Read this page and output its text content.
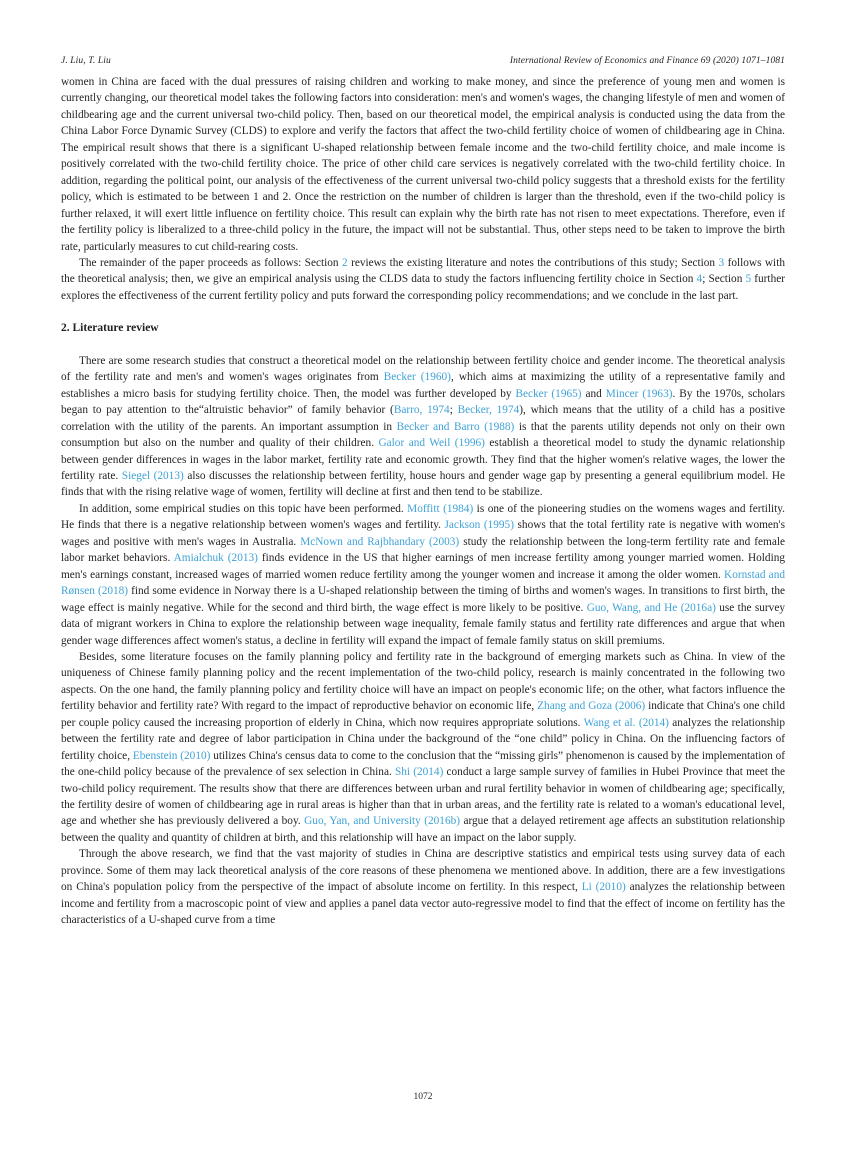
J. Liu, T. Liu	International Review of Economics and Finance 69 (2020) 1071–1081

women in China are faced with the dual pressures of raising children and working to make money, and since the preference of young men and women is currently changing, our theoretical model takes the following factors into consideration: men's and women's wages, the changing lifestyle of men and women of childbearing age and the current universal two-child policy. Then, based on our theoretical model, the empirical analysis is conducted using the data from the China Labor Force Dynamic Survey (CLDS) to explore and verify the factors that affect the two-child fertility choice of women of childbearing age in China. The empirical result shows that there is a significant U-shaped relationship between female income and the two-child fertility choice, and male income is positively correlated with the two-child fertility choice. The price of other child care services is negatively correlated with the two-child fertility choice. In addition, regarding the political point, our analysis of the effectiveness of the current universal two-child policy suggests that a threshold exists for the fertility policy, which is estimated to be between 1 and 2. Once the restriction on the number of children is larger than the threshold, even if the two-child policy is further relaxed, it will exert little influence on fertility choice. This result can explain why the birth rate has not risen to meet expectations. Therefore, even if the fertility policy is liberalized to a three-child policy in the future, the impact will not be substantial. Thus, other steps need to be taken to improve the birth rate, particularly measures to cut child-rearing costs.

The remainder of the paper proceeds as follows: Section 2 reviews the existing literature and notes the contributions of this study; Section 3 follows with the theoretical analysis; then, we give an empirical analysis using the CLDS data to study the factors influencing fertility choice in Section 4; Section 5 further explores the effectiveness of the current fertility policy and puts forward the corresponding policy recommendations; and we conclude in the last part.

2. Literature review

There are some research studies that construct a theoretical model on the relationship between fertility choice and gender income. The theoretical analysis of the fertility rate and men's and women's wages originates from Becker (1960), which aims at maximizing the utility of a representative family and establishes a micro basis for studying fertility choice. Then, the model was further developed by Becker (1965) and Mincer (1963). By the 1970s, scholars began to pay attention to the“altruistic behavior” of family behavior (Barro, 1974; Becker, 1974), which means that the utility of a child has a positive correlation with the utility of the parents. An important assumption in Becker and Barro (1988) is that the parents utility depends not only on their own consumption but also on the number and quality of their children. Galor and Weil (1996) establish a theoretical model to study the dynamic relationship between gender differences in wages in the labor market, fertility rate and economic growth. They find that the higher women's relative wages, the lower the fertility rate. Siegel (2013) also discusses the relationship between fertility, house hours and gender wage gap by presenting a general equilibrium model. He finds that with the rising relative wage of women, fertility will decline at first and then tend to be stabilize.

In addition, some empirical studies on this topic have been performed. Moffitt (1984) is one of the pioneering studies on the womens wages and fertility. He finds that there is a negative relationship between women's wages and fertility. Jackson (1995) shows that the total fertility rate is negative with women's wages and positive with men's wages in Australia. McNown and Rajbhandary (2003) study the relationship between the long-term fertility rate and female labor market behaviors. Amialchuk (2013) finds evidence in the US that higher earnings of men increase fertility among younger married women. Holding men's earnings constant, increased wages of married women reduce fertility among the younger women and increase it among the older women. Kornstad and Rønsen (2018) find some evidence in Norway there is a U-shaped relationship between the timing of births and women's wages. In transitions to first birth, the wage effect is mainly negative. While for the second and third birth, the wage effect is more likely to be positive. Guo, Wang, and He (2016a) use the survey data of migrant workers in China to explore the relationship between wage inequality, female family status and fertility rate differences and argue that when gender wage differences affect women's status, a decline in fertility will expand the impact of female family status on skill premiums.

Besides, some literature focuses on the family planning policy and fertility rate in the background of emerging markets such as China. In view of the uniqueness of Chinese family planning policy and the recent implementation of the two-child policy, research is mainly concentrated in the following two aspects. On the one hand, the family planning policy and fertility choice will have an impact on people's economic life; on the other, what factors influence the fertility behavior and fertility rate? With regard to the impact of reproductive behavior on economic life, Zhang and Goza (2006) indicate that China's one child per couple policy caused the increasing proportion of elderly in China, which now requires appropriate solutions. Wang et al. (2014) analyzes the relationship between the fertility rate and degree of labor participation in China under the background of the “one child” policy in China. On the influencing factors of fertility choice, Ebenstein (2010) utilizes China's census data to come to the conclusion that the “missing girls” phenomenon is caused by the implementation of the one-child policy because of the prevalence of sex selection in China. Shi (2014) conduct a large sample survey of families in Hubei Province that meet the two-child policy requirement. The results show that there are differences between urban and rural fertility behavior in women of childbearing age; specifically, the fertility desire of women of childbearing age in rural areas is higher than that in urban areas, and the fertility rate is related to a woman's educational level, age and whether she has previously delivered a boy. Guo, Yan, and University (2016b) argue that a delayed retirement age affects an substitution relationship between the quality and quantity of children at birth, and this relationship will have an impact on the labor supply.

Through the above research, we find that the vast majority of studies in China are descriptive statistics and empirical tests using survey data of each province. Some of them may lack theoretical analysis of the core reasons of these phenomena we mentioned above. In addition, there are a few investigations on China's population policy from the perspective of the impact of absolute income on fertility. In this respect, Li (2010) analyzes the relationship between income and fertility from a macroscopic point of view and applies a panel data vector auto-regressive model to find that the effect of income on fertility has the characteristics of a U-shaped curve from a time

1072
